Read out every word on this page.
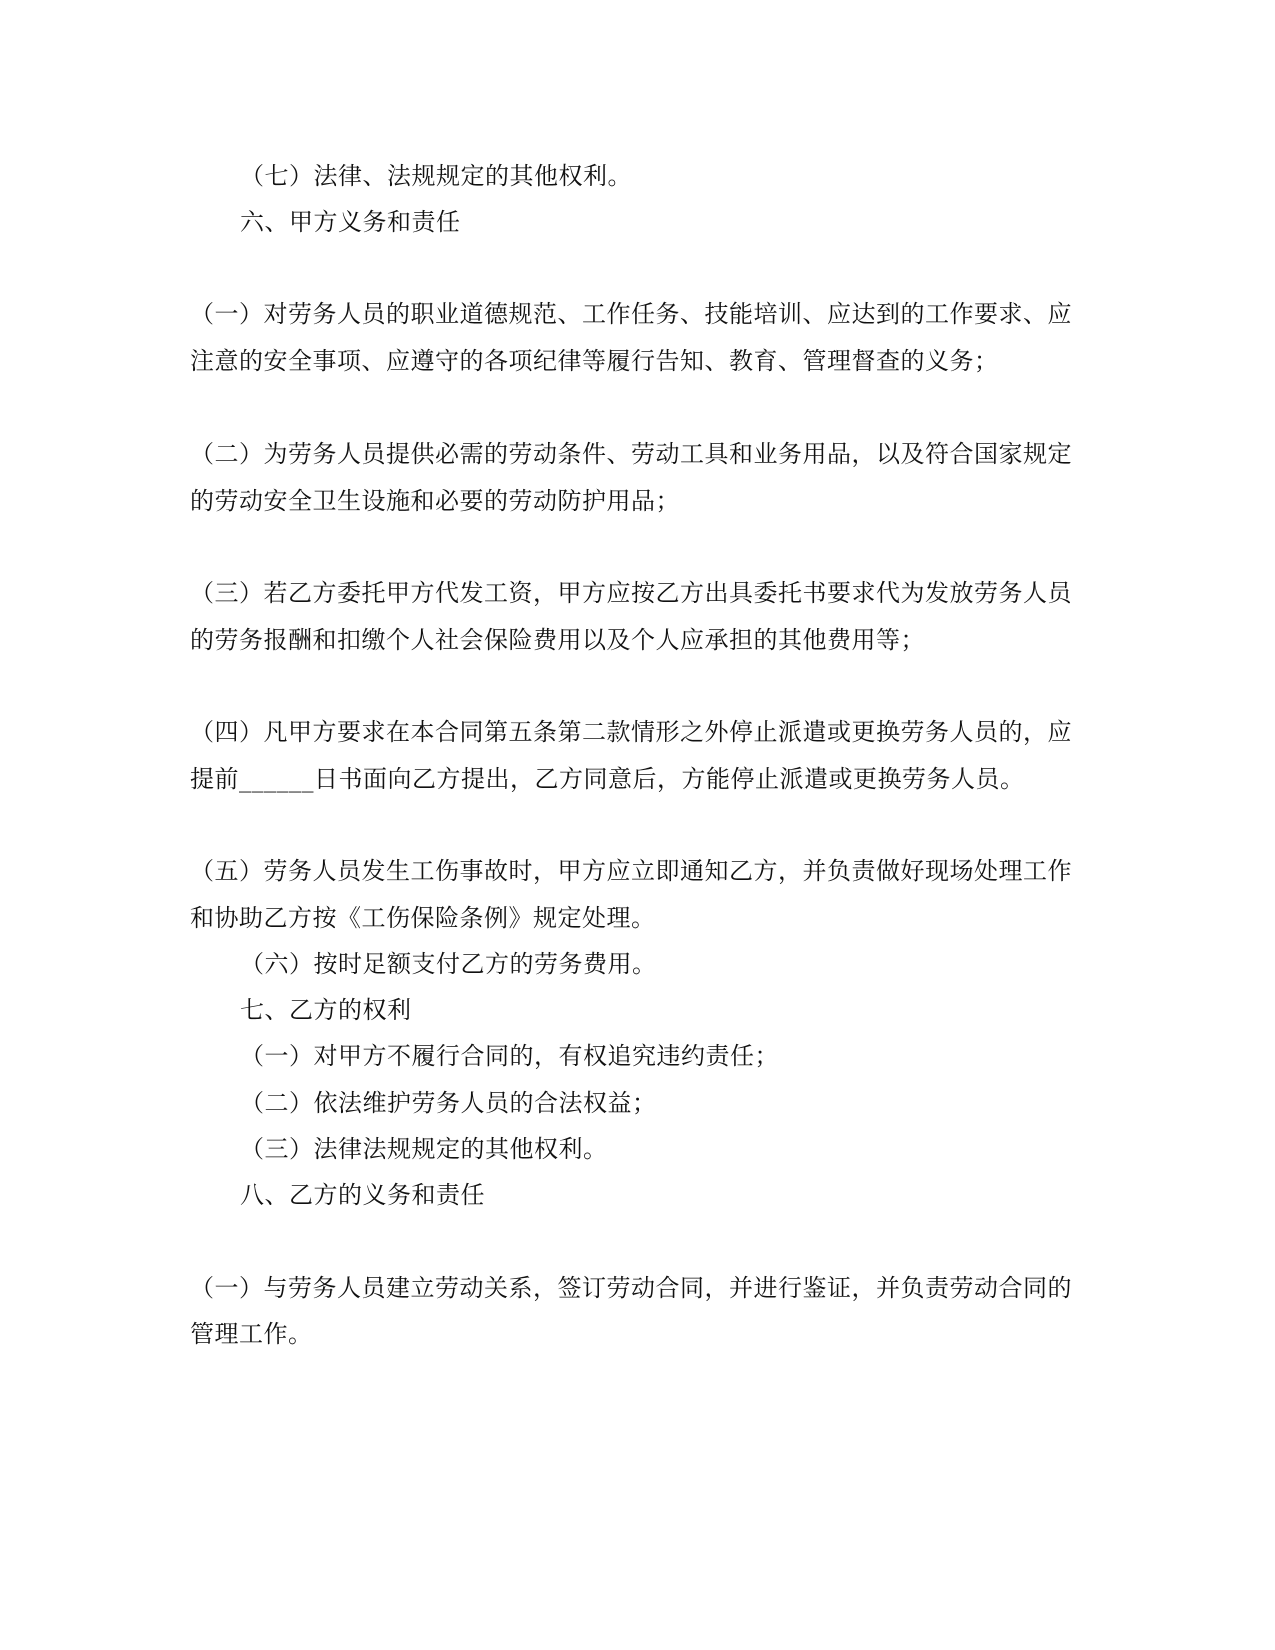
（七）法律、法规规定的其他权利。
六、甲方义务和责任
（一）对劳务人员的职业道德规范、工作任务、技能培训、应达到的工作要求、应
注意的安全事项、应遵守的各项纪律等履行告知、教育、管理督查的义务；
（二）为劳务人员提供必需的劳动条件、劳动工具和业务用品，以及符合国家规定
的劳动安全卫生设施和必要的劳动防护用品；
（三）若乙方委托甲方代发工资，甲方应按乙方出具委托书要求代为发放劳务人员
的劳务报酬和扣缴个人社会保险费用以及个人应承担的其他费用等；
（四）凡甲方要求在本合同第五条第二款情形之外停止派遣或更换劳务人员的，应
提前______日书面向乙方提出，乙方同意后，方能停止派遣或更换劳务人员。
（五）劳务人员发生工伤事故时，甲方应立即通知乙方，并负责做好现场处理工作
和协助乙方按《工伤保险条例》规定处理。
（六）按时足额支付乙方的劳务费用。
七、乙方的权利
（一）对甲方不履行合同的，有权追究违约责任；
（二）依法维护劳务人员的合法权益；
（三）法律法规规定的其他权利。
八、乙方的义务和责任
（一）与劳务人员建立劳动关系，签订劳动合同，并进行鉴证，并负责劳动合同的
管理工作。
